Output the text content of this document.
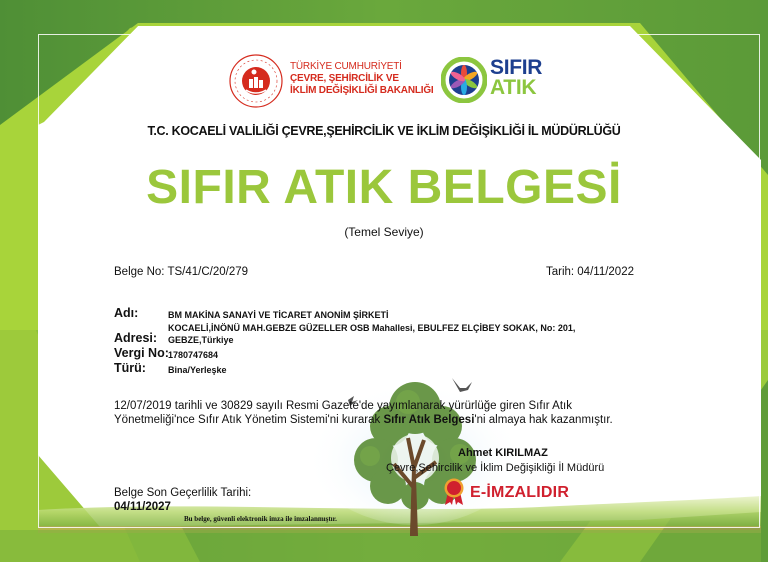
TÜRKİYE CUMHURİYETİ
ÇEVRE, ŞEHİRCİLİK VE
İKLİM DEĞİŞİKLİĞİ BAKANLIĞI
SIFIR
ATIK
T.C. KOCAELİ VALİLİĞİ ÇEVRE,ŞEHİRCİLİK VE İKLİM DEĞİŞİKLİĞİ İL MÜDÜRLÜĞÜ
SIFIR ATIK BELGESİ
(Temel Seviye)
Belge No: TS/41/C/20/279	Tarih: 04/11/2022
Adı:	BM MAKİNA SANAYİ VE TİCARET ANONİM ŞİRKETİ
KOCAELİ,İNÖNÜ MAH.GEBZE GÜZELLER OSB Mahallesi, EBULFEZ ELÇİBEY SOKAK, No: 201,
Adresi: GEBZE,Türkiye
Vergi No: 1780747684
Türü: Bina/Yerleşke
12/07/2019 tarihli ve 30829 sayılı Resmi Gazete'de yayımlanarak yürürlüğe giren Sıfır Atık
Yönetmeliği'nce Sıfır Atık Yönetim Sistemi'ni kurarak Sıfır Atık Belgesi'ni almaya hak kazanmıştır.
Ahmet KIRILMAZ
Çevre,Şehircilik ve İklim Değişikliği İl Müdürü
E-İMZALIDIR
Belge Son Geçerlilik Tarihi:
04/11/2027
Bu belge, güvenli elektronik imza ile imzalanmıştır.
